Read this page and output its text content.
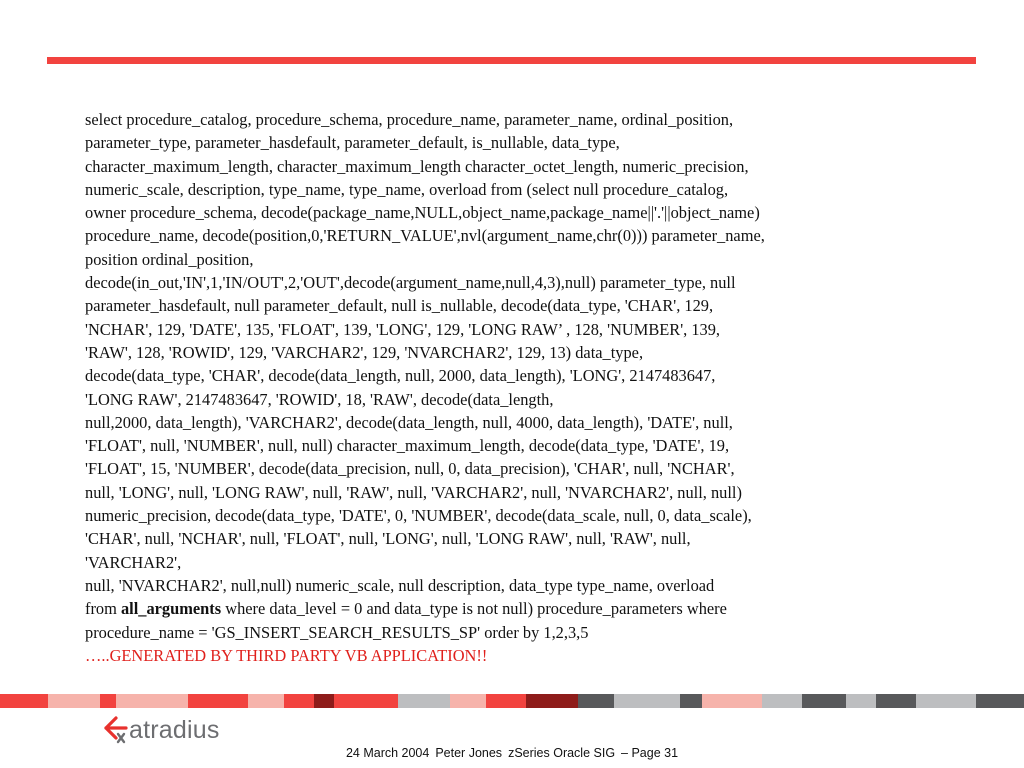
select procedure_catalog, procedure_schema, procedure_name, parameter_name, ordinal_position,
parameter_type, parameter_hasdefault, parameter_default, is_nullable, data_type,
character_maximum_length, character_maximum_length character_octet_length, numeric_precision,
numeric_scale, description, type_name, type_name, overload from (select null procedure_catalog,
owner procedure_schema, decode(package_name,NULL,object_name,package_name||'.'||object_name)
procedure_name, decode(position,0,'RETURN_VALUE',nvl(argument_name,chr(0))) parameter_name,
position ordinal_position,
decode(in_out,'IN',1,'IN/OUT',2,'OUT',decode(argument_name,null,4,3),null) parameter_type, null
parameter_hasdefault, null parameter_default, null is_nullable, decode(data_type, 'CHAR', 129,
'NCHAR', 129, 'DATE', 135, 'FLOAT', 139, 'LONG', 129, 'LONG RAW’ , 128, 'NUMBER', 139,
'RAW', 128, 'ROWID', 129, 'VARCHAR2', 129, 'NVARCHAR2', 129, 13) data_type,
decode(data_type, 'CHAR', decode(data_length, null, 2000, data_length), 'LONG', 2147483647,
'LONG RAW', 2147483647, 'ROWID', 18, 'RAW', decode(data_length,
null,2000, data_length), 'VARCHAR2', decode(data_length, null, 4000, data_length), 'DATE', null,
'FLOAT', null, 'NUMBER', null, null) character_maximum_length, decode(data_type, 'DATE', 19,
'FLOAT', 15, 'NUMBER', decode(data_precision, null, 0, data_precision), 'CHAR', null, 'NCHAR',
null, 'LONG', null, 'LONG RAW', null, 'RAW', null, 'VARCHAR2', null, 'NVARCHAR2', null, null)
numeric_precision, decode(data_type, 'DATE', 0, 'NUMBER', decode(data_scale, null, 0, data_scale),
'CHAR', null, 'NCHAR', null, 'FLOAT', null, 'LONG', null, 'LONG RAW', null, 'RAW', null,
'VARCHAR2',
null, 'NVARCHAR2', null,null) numeric_scale, null description, data_type type_name, overload
from all_arguments where data_level = 0 and data_type is not null) procedure_parameters where
procedure_name = 'GS_INSERT_SEARCH_RESULTS_SP' order by 1,2,3,5
…..GENERATED BY THIRD PARTY VB APPLICATION!!
atradius
24 March 2004 Peter Jones zSeries Oracle SIG – Page 31
